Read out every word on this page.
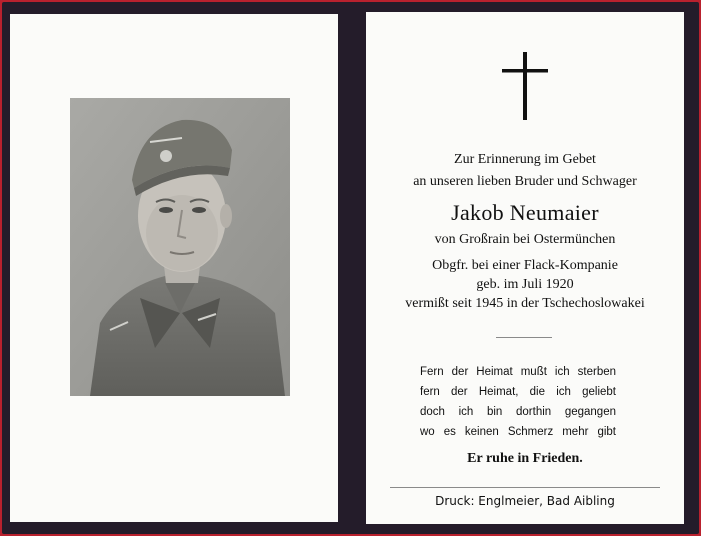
Zur Erinnerung im Gebet
an unseren lieben Bruder und Schwager
Jakob Neumaier
von Großrain bei Ostermünchen
Obgfr. bei einer Flack-Kompanie
geb. im Juli 1920
vermißt seit 1945 in der Tschechoslowakei
Fern der Heimat mußt ich sterben
fern der Heimat, die ich geliebt
doch ich bin dorthin gegangen
wo es keinen Schmerz mehr gibt
Er ruhe in Frieden.
Druck: Englmeier, Bad Aibling
